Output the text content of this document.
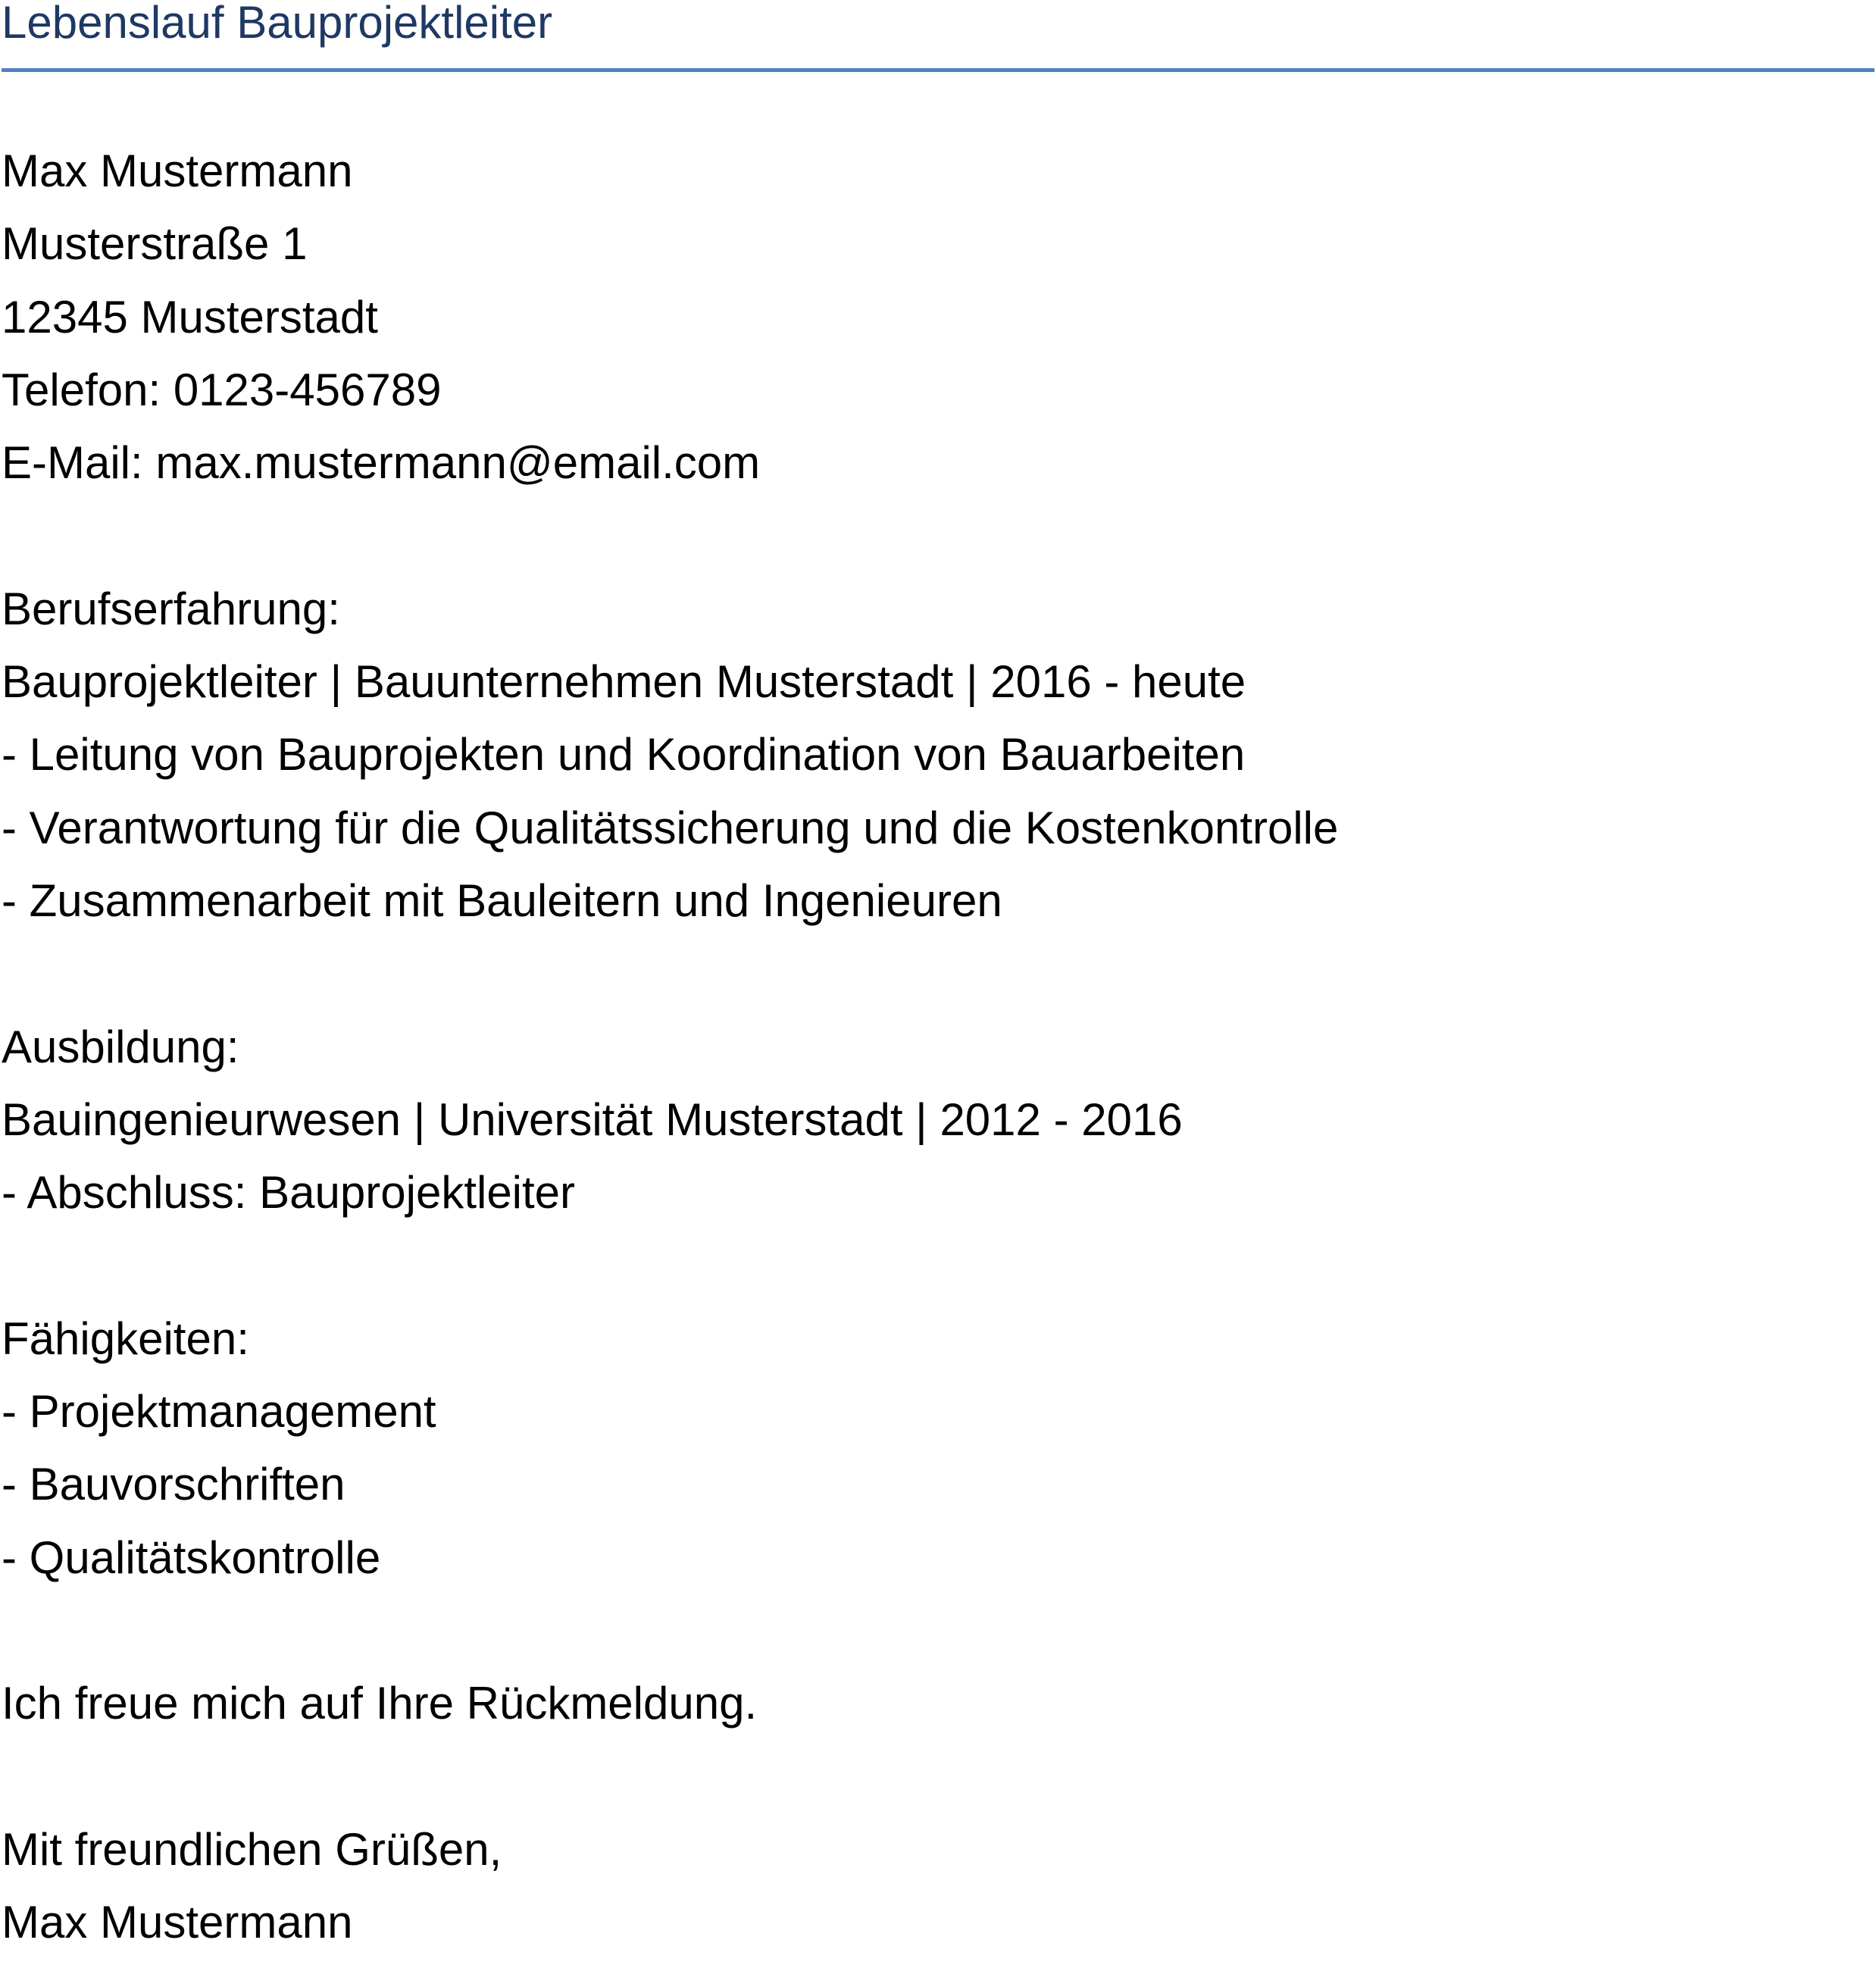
Lebenslauf Bauprojektleiter
Max Mustermann
Musterstraße 1
12345 Musterstadt
Telefon: 0123-456789
E-Mail: max.mustermann@email.com
Berufserfahrung:
Bauprojektleiter | Bauunternehmen Musterstadt | 2016 - heute
- Leitung von Bauprojekten und Koordination von Bauarbeiten
- Verantwortung für die Qualitätssicherung und die Kostenkontrolle
- Zusammenarbeit mit Bauleitern und Ingenieuren
Ausbildung:
Bauingenieurwesen | Universität Musterstadt | 2012 - 2016
- Abschluss: Bauprojektleiter
Fähigkeiten:
- Projektmanagement
- Bauvorschriften
- Qualitätskontrolle
Ich freue mich auf Ihre Rückmeldung.
Mit freundlichen Grüßen,
Max Mustermann
